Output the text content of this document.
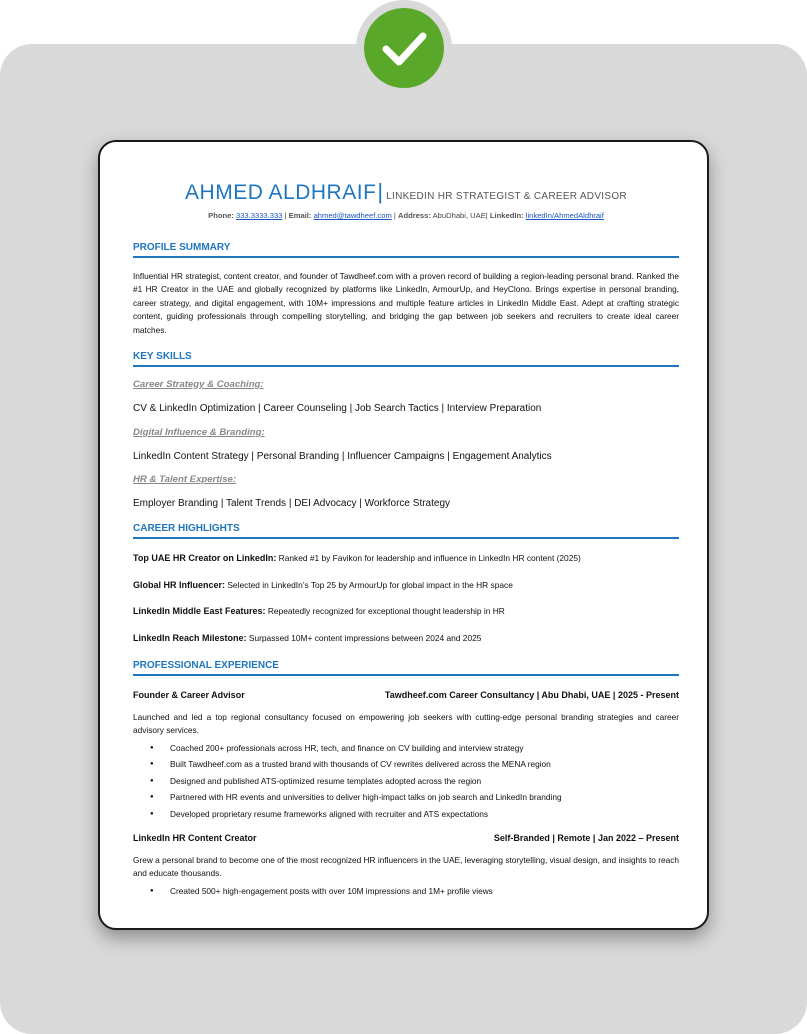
AHMED ALDHRAIF| LINKEDIN HR STRATEGIST & CAREER ADVISOR
Phone: 333.3333.333 | Email: ahmed@tawdheef.com | Address: AbuDhabi, UAE| LinkedIn: linkedIn/AhmedAldhraif
PROFILE SUMMARY
Influential HR strategist, content creator, and founder of Tawdheef.com with a proven record of building a region-leading personal brand. Ranked the #1 HR Creator in the UAE and globally recognized by platforms like LinkedIn, ArmourUp, and HeyClono. Brings expertise in personal branding, career strategy, and digital engagement, with 10M+ impressions and multiple feature articles in LinkedIn Middle East. Adept at crafting strategic content, guiding professionals through compelling storytelling, and bridging the gap between job seekers and recruiters to create ideal career matches.
KEY SKILLS
Career Strategy & Coaching:
CV & LinkedIn Optimization | Career Counseling | Job Search Tactics | Interview Preparation
Digital Influence & Branding:
LinkedIn Content Strategy | Personal Branding | Influencer Campaigns | Engagement Analytics
HR & Talent Expertise:
Employer Branding | Talent Trends | DEI Advocacy | Workforce Strategy
CAREER HIGHLIGHTS
Top UAE HR Creator on LinkedIn: Ranked #1 by Favikon for leadership and influence in LinkedIn HR content (2025)
Global HR Influencer: Selected in LinkedIn’s Top 25 by ArmourUp for global impact in the HR space
LinkedIn Middle East Features: Repeatedly recognized for exceptional thought leadership in HR
LinkedIn Reach Milestone: Surpassed 10M+ content impressions between 2024 and 2025
PROFESSIONAL EXPERIENCE
Founder & Career Advisor	Tawdheef.com Career Consultancy | Abu Dhabi, UAE | 2025 - Present
Launched and led a top regional consultancy focused on empowering job seekers with cutting-edge personal branding strategies and career advisory services.
● Coached 200+ professionals across HR, tech, and finance on CV building and interview strategy
● Built Tawdheef.com as a trusted brand with thousands of CV rewrites delivered across the MENA region
● Designed and published ATS-optimized resume templates adopted across the region
● Partnered with HR events and universities to deliver high-impact talks on job search and LinkedIn branding
● Developed proprietary resume frameworks aligned with recruiter and ATS expectations
LinkedIn HR Content Creator	Self-Branded | Remote | Jan 2022 – Present
Grew a personal brand to become one of the most recognized HR influencers in the UAE, leveraging storytelling, visual design, and insights to reach and educate thousands.
● Created 500+ high-engagement posts with over 10M impressions and 1M+ profile views
